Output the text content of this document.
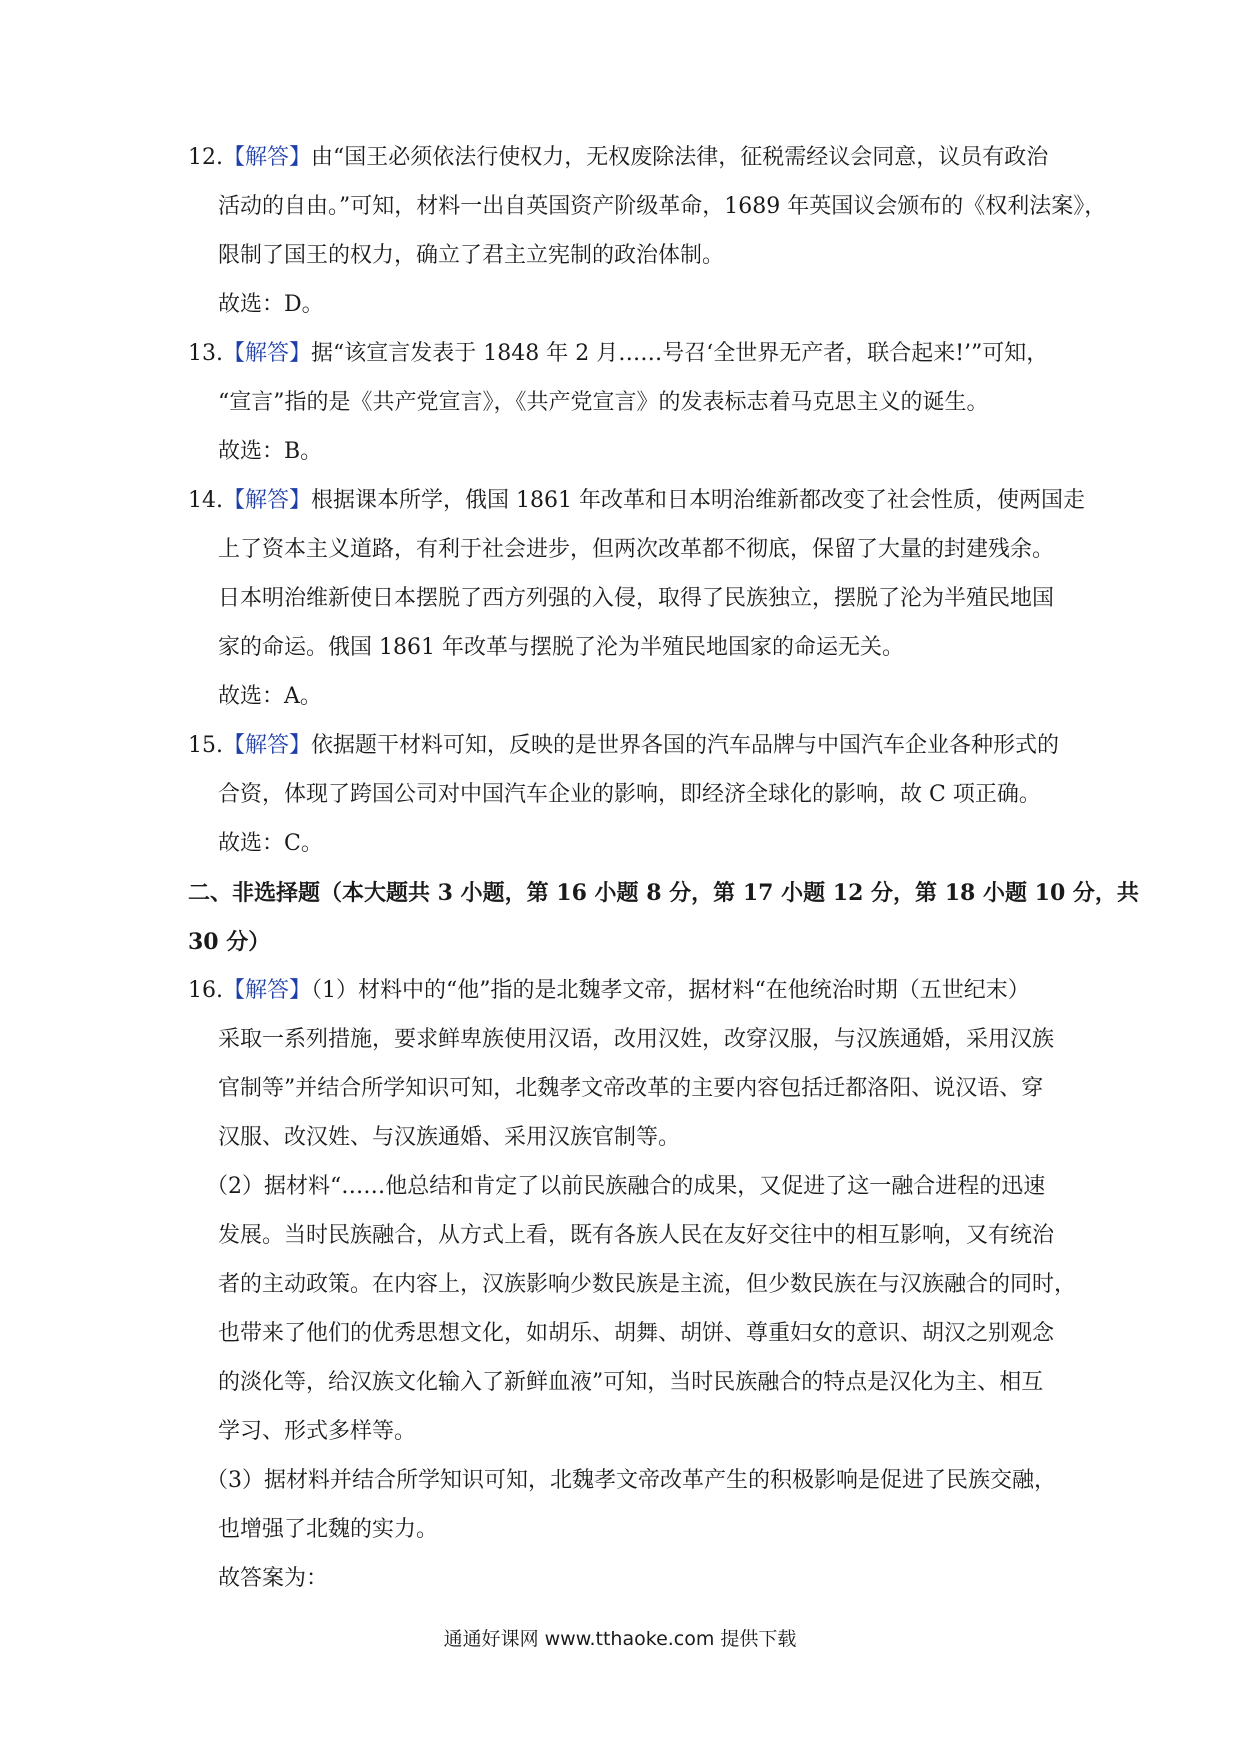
12.【解答】由“国王必须依法行使权力，无权废除法律，征税需经议会同意，议员有政治
活动的自由。”可知，材料一出自英国资产阶级革命，1689 年英国议会颁布的《权利法案》，
限制了国王的权力，确立了君主立宪制的政治体制。
故选：D。
13.【解答】据“该宣言发表于 1848 年 2 月……号召‘全世界无产者，联合起来!’”可知，
“宣言”指的是《共产党宣言》，《共产党宣言》的发表标志着马克思主义的诞生。
故选：B。
14.【解答】根据课本所学，俄国 1861 年改革和日本明治维新都改变了社会性质，使两国走
上了资本主义道路，有利于社会进步，但两次改革都不彻底，保留了大量的封建残余。
日本明治维新使日本摆脱了西方列强的入侵，取得了民族独立，摆脱了沦为半殖民地国
家的命运。俄国 1861 年改革与摆脱了沦为半殖民地国家的命运无关。
故选：A。
15.【解答】依据题干材料可知，反映的是世界各国的汽车品牌与中国汽车企业各种形式的
合资，体现了跨国公司对中国汽车企业的影响，即经济全球化的影响，故 C 项正确。
故选：C。
二、非选择题（本大题共 3 小题，第 16 小题 8 分，第 17 小题 12 分，第 18 小题 10 分，共
30 分）
16.【解答】（1）材料中的“他”指的是北魏孝文帝，据材料“在他统治时期（五世纪末）
采取一系列措施，要求鲜卑族使用汉语，改用汉姓，改穿汉服，与汉族通婚，采用汉族
官制等”并结合所学知识可知，北魏孝文帝改革的主要内容包括迁都洛阳、说汉语、穿
汉服、改汉姓、与汉族通婚、采用汉族官制等。
（2）据材料“……他总结和肯定了以前民族融合的成果，又促进了这一融合进程的迅速
发展。当时民族融合，从方式上看，既有各族人民在友好交往中的相互影响，又有统治
者的主动政策。在内容上，汉族影响少数民族是主流，但少数民族在与汉族融合的同时，
也带来了他们的优秀思想文化，如胡乐、胡舞、胡饼、尊重妇女的意识、胡汉之别观念
的淡化等，给汉族文化输入了新鲜血液”可知，当时民族融合的特点是汉化为主、相互
学习、形式多样等。
（3）据材料并结合所学知识可知，北魏孝文帝改革产生的积极影响是促进了民族交融，
也增强了北魏的实力。
故答案为：
通通好课网 www.tthaoke.com 提供下载
